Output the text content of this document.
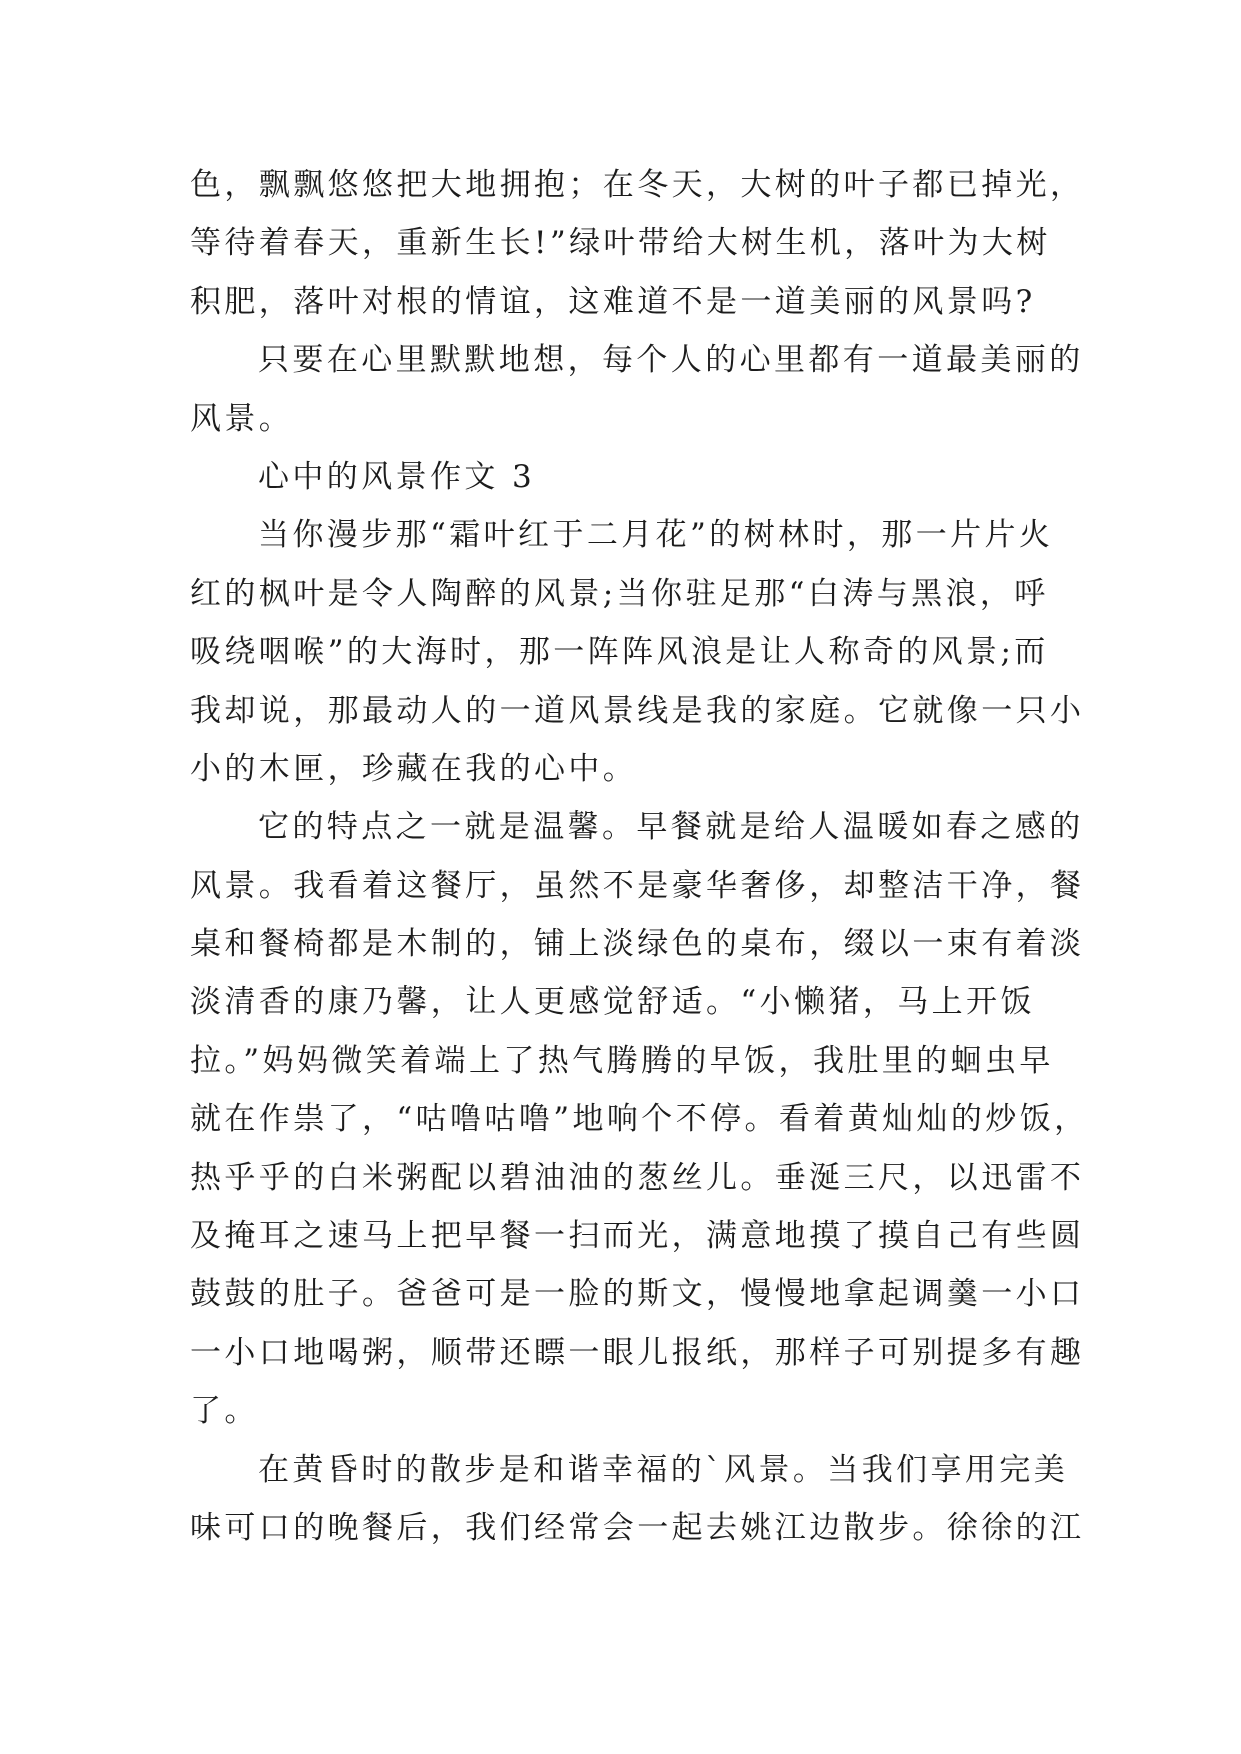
色，飘飘悠悠把大地拥抱；在冬天，大树的叶子都已掉光，
等待着春天，重新生长!”绿叶带给大树生机，落叶为大树
积肥，落叶对根的情谊，这难道不是一道美丽的风景吗?
只要在心里默默地想，每个人的心里都有一道最美丽的
风景。
心中的风景作文 3
当你漫步那“霜叶红于二月花”的树林时，那一片片火
红的枫叶是令人陶醉的风景;当你驻足那“白涛与黑浪，呼
吸绕咽喉”的大海时，那一阵阵风浪是让人称奇的风景;而
我却说，那最动人的一道风景线是我的家庭。它就像一只小
小的木匣，珍藏在我的心中。
它的特点之一就是温馨。早餐就是给人温暖如春之感的
风景。我看着这餐厅，虽然不是豪华奢侈，却整洁干净，餐
桌和餐椅都是木制的，铺上淡绿色的桌布，缀以一束有着淡
淡清香的康乃馨，让人更感觉舒适。“小懒猪，马上开饭
拉。”妈妈微笑着端上了热气腾腾的早饭，我肚里的蛔虫早
就在作祟了，“咕噜咕噜”地响个不停。看着黄灿灿的炒饭，
热乎乎的白米粥配以碧油油的葱丝儿。垂涎三尺，以迅雷不
及掩耳之速马上把早餐一扫而光，满意地摸了摸自己有些圆
鼓鼓的肚子。爸爸可是一脸的斯文，慢慢地拿起调羹一小口
一小口地喝粥，顺带还瞟一眼儿报纸，那样子可别提多有趣
了。
在黄昏时的散步是和谐幸福的`风景。当我们享用完美
味可口的晚餐后，我们经常会一起去姚江边散步。徐徐的江
